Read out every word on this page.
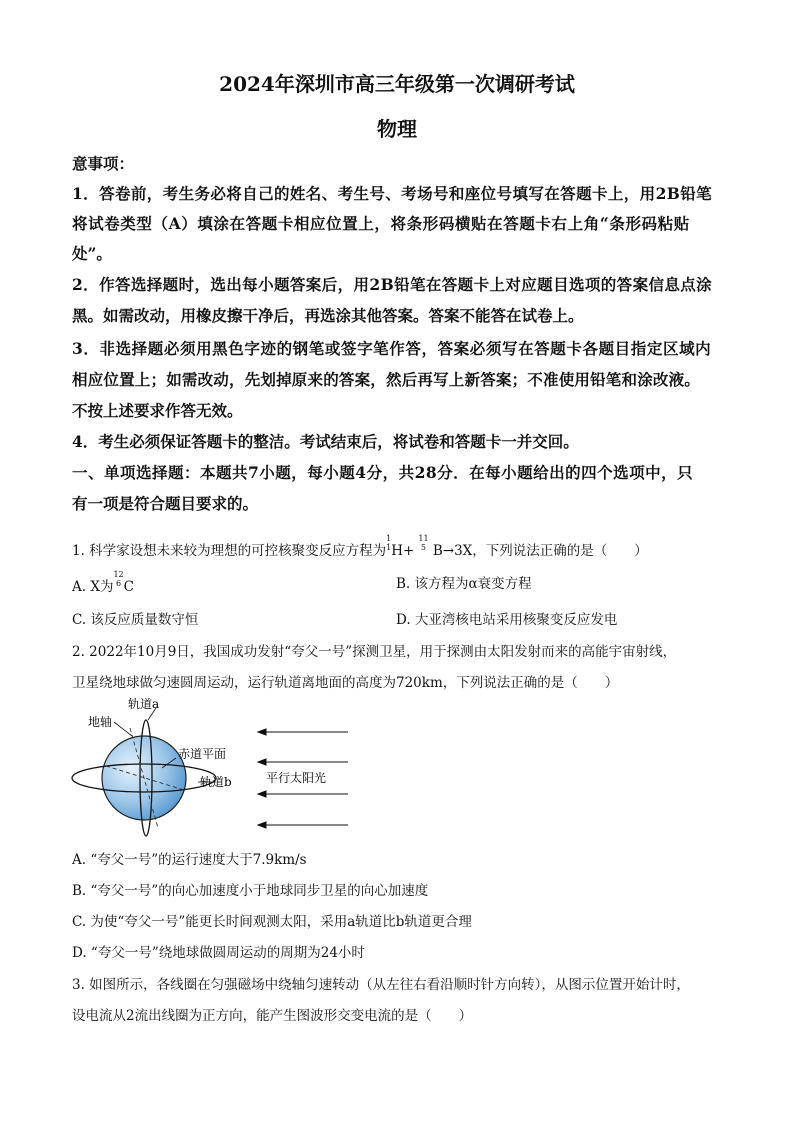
2024年深圳市高三年级第一次调研考试
物理
意事项：
1．答卷前，考生务必将自己的姓名、考生号、考场号和座位号填写在答题卡上，用2B铅笔
将试卷类型（A）填涂在答题卡相应位置上，将条形码横贴在答题卡右上角“条形码粘贴
处”。
2．作答选择题时，选出每小题答案后，用2B铅笔在答题卡上对应题目选项的答案信息点涂
黑。如需改动，用橡皮擦干净后，再选涂其他答案。答案不能答在试卷上。
3．非选择题必须用黑色字迹的钢笔或签字笔作答，答案必须写在答题卡各题目指定区域内
相应位置上；如需改动，先划掉原来的答案，然后再写上新答案；不准使用铅笔和涂改液。
不按上述要求作答无效。
4．考生必须保证答题卡的整洁。考试结束后，将试卷和答题卡一并交回。
一、单项选择题：本题共7小题，每小题4分，共28分．在每小题给出的四个选项中，只
有一项是符合题目要求的。
1. 科学家设想未来较为理想的可控核聚变反应方程为1
1H+11
5 B→3X，下列说法正确的是（　　）
A. X为12
6 C	B. 该方程为α衰变方程
C. 该反应质量数守恒	D. 大亚湾核电站采用核聚变反应发电
2. 2022年10月9日，我国成功发射“夸父一号”探测卫星，用于探测由太阳发射而来的高能宇宙射线，
卫星绕地球做匀速圆周运动，运行轨道离地面的高度为720km，下列说法正确的是（　　）
地轴
轨道a
赤道平面
轨道b	平行太阳光
A. “夸父一号”的运行速度大于7.9km/s
B. “夸父一号”的向心加速度小于地球同步卫星的向心加速度
C. 为使“夸父一号”能更长时间观测太阳，采用a轨道比b轨道更合理
D. “夸父一号”绕地球做圆周运动的周期为24小时
3. 如图所示，各线圈在匀强磁场中绕轴匀速转动（从左往右看沿顺时针方向转），从图示位置开始计时，
设电流从2流出线圈为正方向，能产生图波形交变电流的是（　　）
